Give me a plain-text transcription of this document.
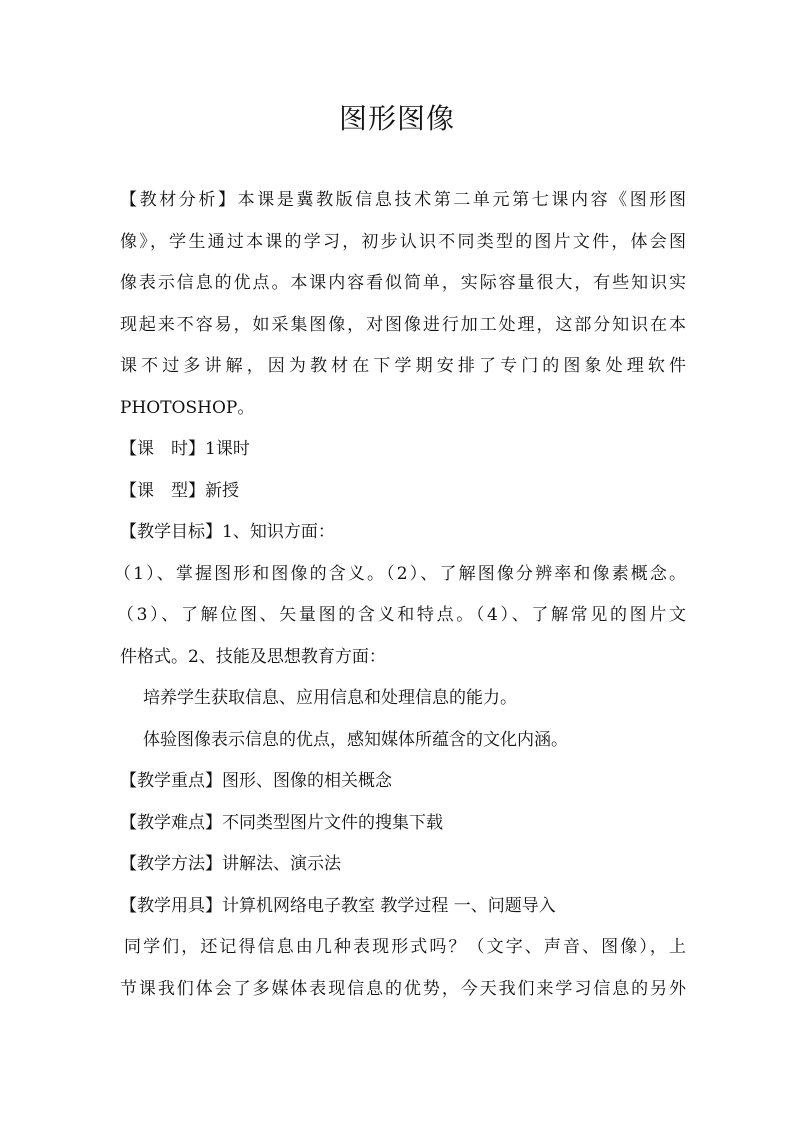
图形图像
【教材分析】本课是冀教版信息技术第二单元第七课内容《图形图
像》，学生通过本课的学习，初步认识不同类型的图片文件，体会图
像表示信息的优点。本课内容看似简单，实际容量很大，有些知识实
现起来不容易，如采集图像，对图像进行加工处理，这部分知识在本
课不过多讲解，因为教材在下学期安排了专门的图象处理软件
PHOTOSHOP。
【课　时】1课时
【课　型】新授
【教学目标】1、知识方面：
（1）、掌握图形和图像的含义。（2）、了解图像分辨率和像素概念。
（3）、了解位图、矢量图的含义和特点。（4）、了解常见的图片文
件格式。2、技能及思想教育方面：
培养学生获取信息、应用信息和处理信息的能力。
体验图像表示信息的优点，感知媒体所蕴含的文化内涵。
【教学重点】图形、图像的相关概念
【教学难点】不同类型图片文件的搜集下载
【教学方法】讲解法、演示法
【教学用具】计算机网络电子教室 教学过程 一、问题导入
同学们，还记得信息由几种表现形式吗？（文字、声音、图像），上
节课我们体会了多媒体表现信息的优势，今天我们来学习信息的另外
